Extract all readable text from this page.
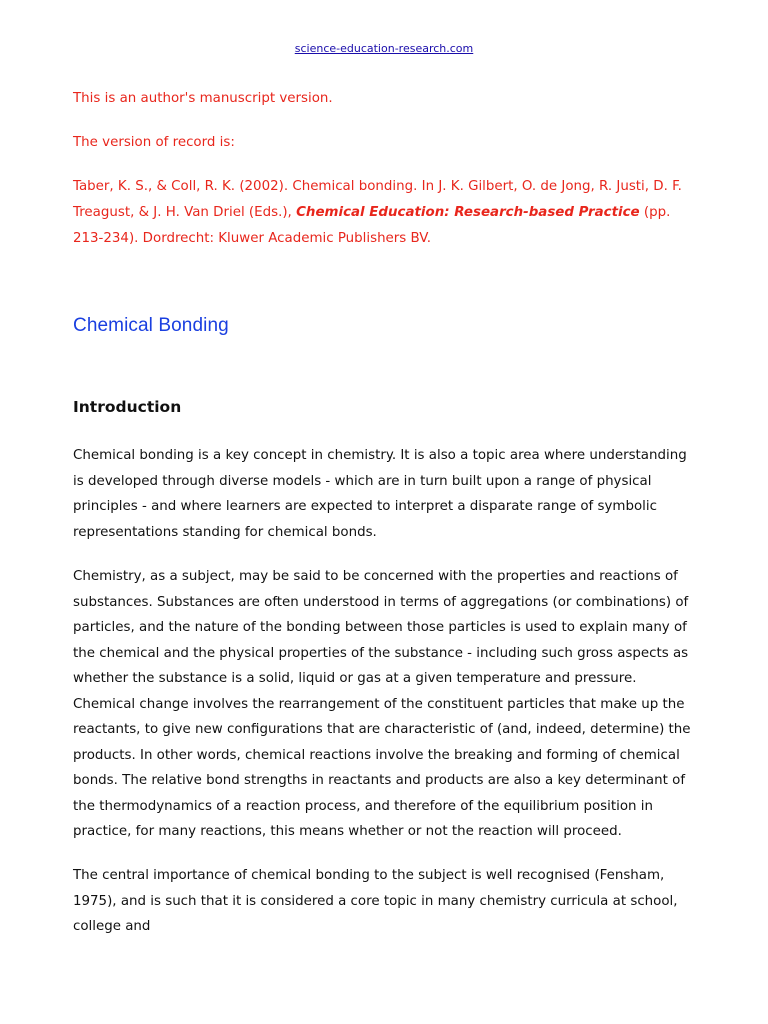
science-education-research.com

This is an author's manuscript version.

The version of record is:

Taber, K. S., & Coll, R. K. (2002). Chemical bonding. In J. K. Gilbert, O. de Jong, R. Justi, D. F. Treagust, & J. H. Van Driel (Eds.), Chemical Education: Research-based Practice (pp. 213-234). Dordrecht: Kluwer Academic Publishers BV.

Chemical Bonding
Introduction

Chemical bonding is a key concept in chemistry. It is also a topic area where understanding is developed through diverse models - which are in turn built upon a range of physical principles - and where learners are expected to interpret a disparate range of symbolic representations standing for chemical bonds.

Chemistry, as a subject, may be said to be concerned with the properties and reactions of substances. Substances are often understood in terms of aggregations (or combinations) of particles, and the nature of the bonding between those particles is used to explain many of the chemical and the physical properties of the substance - including such gross aspects as whether the substance is a solid, liquid or gas at a given temperature and pressure. Chemical change involves the rearrangement of the constituent particles that make up the reactants, to give new configurations that are characteristic of (and, indeed, determine) the products. In other words, chemical reactions involve the breaking and forming of chemical bonds. The relative bond strengths in reactants and products are also a key determinant of the thermodynamics of a reaction process, and therefore of the equilibrium position in practice, for many reactions, this means whether or not the reaction will proceed.

The central importance of chemical bonding to the subject is well recognised (Fensham, 1975), and is such that it is considered a core topic in many chemistry curricula at school, college and
